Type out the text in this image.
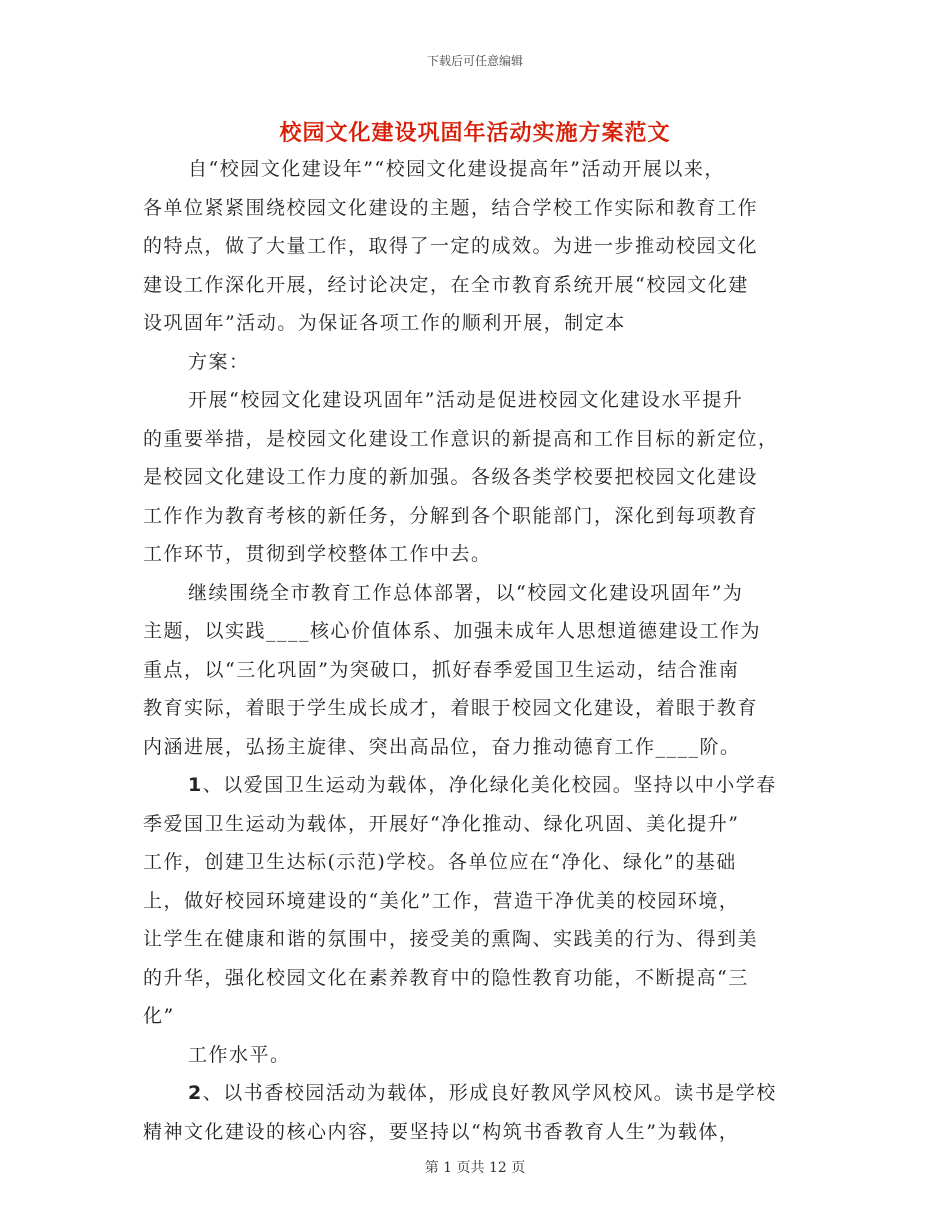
下载后可任意编辑
校园文化建设巩固年活动实施方案范文
自“校园文化建设年”“校园文化建设提高年”活动开展以来，
各单位紧紧围绕校园文化建设的主题，结合学校工作实际和教育工作
的特点，做了大量工作，取得了一定的成效。为进一步推动校园文化
建设工作深化开展，经讨论决定，在全市教育系统开展“校园文化建
设巩固年”活动。为保证各项工作的顺利开展，制定本
方案：
开展“校园文化建设巩固年”活动是促进校园文化建设水平提升
的重要举措，是校园文化建设工作意识的新提高和工作目标的新定位，
是校园文化建设工作力度的新加强。各级各类学校要把校园文化建设
工作作为教育考核的新任务，分解到各个职能部门，深化到每项教育
工作环节，贯彻到学校整体工作中去。
继续围绕全市教育工作总体部署，以“校园文化建设巩固年”为
主题，以实践____核心价值体系、加强未成年人思想道德建设工作为
重点，以“三化巩固”为突破口，抓好春季爱国卫生运动，结合淮南
教育实际，着眼于学生成长成才，着眼于校园文化建设，着眼于教育
内涵进展，弘扬主旋律、突出高品位，奋力推动德育工作____阶。
1、以爱国卫生运动为载体，净化绿化美化校园。坚持以中小学春
季爱国卫生运动为载体，开展好“净化推动、绿化巩固、美化提升”
工作，创建卫生达标(示范)学校。各单位应在“净化、绿化”的基础
上，做好校园环境建设的“美化”工作，营造干净优美的校园环境，
让学生在健康和谐的氛围中，接受美的熏陶、实践美的行为、得到美
的升华，强化校园文化在素养教育中的隐性教育功能，不断提高“三
化”
工作水平。
2、以书香校园活动为载体，形成良好教风学风校风。读书是学校
精神文化建设的核心内容，要坚持以“构筑书香教育人生”为载体，
第 1 页共 12 页
